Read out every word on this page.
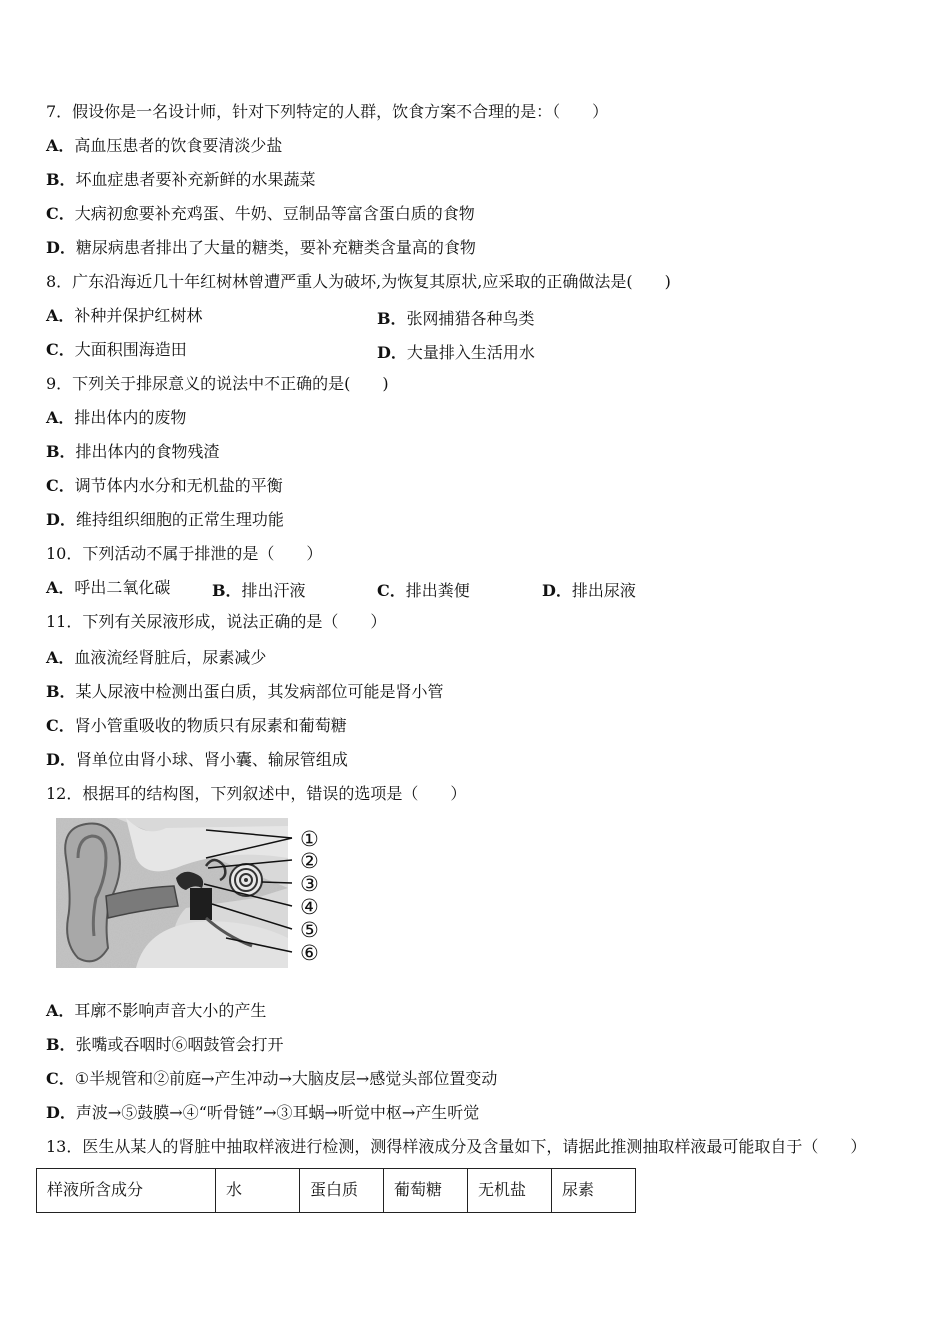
7．假设你是一名设计师，针对下列特定的人群，饮食方案不合理的是：（　　）
A．高血压患者的饮食要清淡少盐
B．坏血症患者要补充新鲜的水果蔬菜
C．大病初愈要补充鸡蛋、牛奶、豆制品等富含蛋白质的食物
D．糖尿病患者排出了大量的糖类，要补充糖类含量高的食物
8．广东沿海近几十年红树林曾遭严重人为破坏,为恢复其原状,应采取的正确做法是(　　)
A．补种并保护红树林	B．张网捕猎各种鸟类
C．大面积围海造田	D．大量排入生活用水
9．下列关于排尿意义的说法中不正确的是(　　)
A．排出体内的废物
B．排出体内的食物残渣
C．调节体内水分和无机盐的平衡
D．维持组织细胞的正常生理功能
10．下列活动不属于排泄的是（　　）
A．呼出二氧化碳	B．排出汗液	C．排出粪便	D．排出尿液
11．下列有关尿液形成，说法正确的是（　　）
A．血液流经肾脏后，尿素减少
B．某人尿液中检测出蛋白质，其发病部位可能是肾小管
C．肾小管重吸收的物质只有尿素和葡萄糖
D．肾单位由肾小球、肾小囊、输尿管组成
12．根据耳的结构图，下列叙述中，错误的选项是（　　）
①
②
③
④
⑤
⑥
A．耳廓不影响声音大小的产生
B．张嘴或吞咽时⑥咽鼓管会打开
C．①半规管和②前庭→产生冲动→大脑皮层→感觉头部位置变动
D．声波→⑤鼓膜→④“听骨链”→③耳蜗→听觉中枢→产生听觉
13．医生从某人的肾脏中抽取样液进行检测，测得样液成分及含量如下，请据此推测抽取样液最可能取自于（　　）
样液所含成分	水	蛋白质	葡萄糖	无机盐	尿素
